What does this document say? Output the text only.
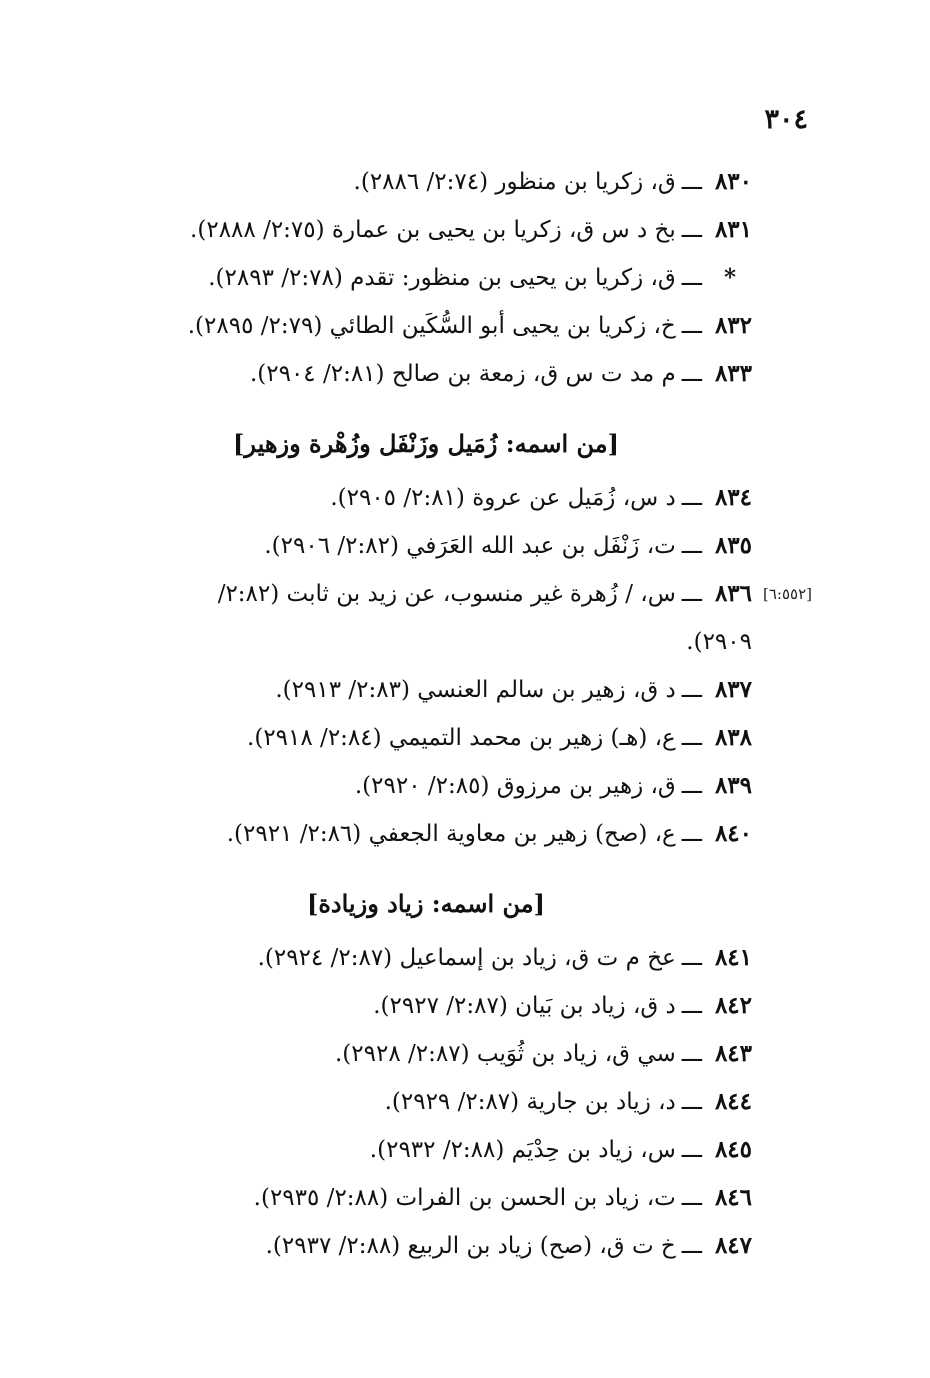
٣٠٤
٨٣٠ـــق، زكريا بن منظور (٢:٧٤/ ٢٨٨٦).
٨٣١ـــبخ د س ق، زكريا بن يحيى بن عمارة (٢:٧٥/ ٢٨٨٨).
*ـــق، زكريا بن يحيى بن منظور: تقدم (٢:٧٨/ ٢٨٩٣).
٨٣٢ـــخ، زكريا بن يحيى أبو السُّكَين الطائي (٢:٧٩/ ٢٨٩٥).
٨٣٣ـــم مد ت س ق، زمعة بن صالح (٢:٨١/ ٢٩٠٤).
[من اسمه: زُمَيل وزَنْفَل وزُهْرة وزهير]
٨٣٤ـــد س، زُمَيل عن عروة (٢:٨١/ ٢٩٠٥).
٨٣٥ـــت، زَنْفَل بن عبد الله العَرَفي (٢:٨٢/ ٢٩٠٦).
[٦:٥٥٢]
٨٣٦ـــس، / زُهرة غير منسوب، عن زيد بن ثابت (٢:٨٢/
٢٩٠٩).
٨٣٧ـــد ق، زهير بن سالم العنسي (٢:٨٣/ ٢٩١٣).
٨٣٨ـــع، (هـ) زهير بن محمد التميمي (٢:٨٤/ ٢٩١٨).
٨٣٩ـــق، زهير بن مرزوق (٢:٨٥/ ٢٩٢٠).
٨٤٠ـــع، (صح) زهير بن معاوية الجعفي (٢:٨٦/ ٢٩٢١).
[من اسمه: زياد وزيادة]
٨٤١ـــعخ م ت ق، زياد بن إسماعيل (٢:٨٧/ ٢٩٢٤).
٨٤٢ـــد ق، زياد بن بَيان (٢:٨٧/ ٢٩٢٧).
٨٤٣ـــسي ق، زياد بن ثُوَيب (٢:٨٧/ ٢٩٢٨).
٨٤٤ـــد، زياد بن جارية (٢:٨٧/ ٢٩٢٩).
٨٤٥ـــس، زياد بن حِدْيَم (٢:٨٨/ ٢٩٣٢).
٨٤٦ـــت، زياد بن الحسن بن الفرات (٢:٨٨/ ٢٩٣٥).
٨٤٧ـــخ ت ق، (صح) زياد بن الربيع (٢:٨٨/ ٢٩٣٧).
